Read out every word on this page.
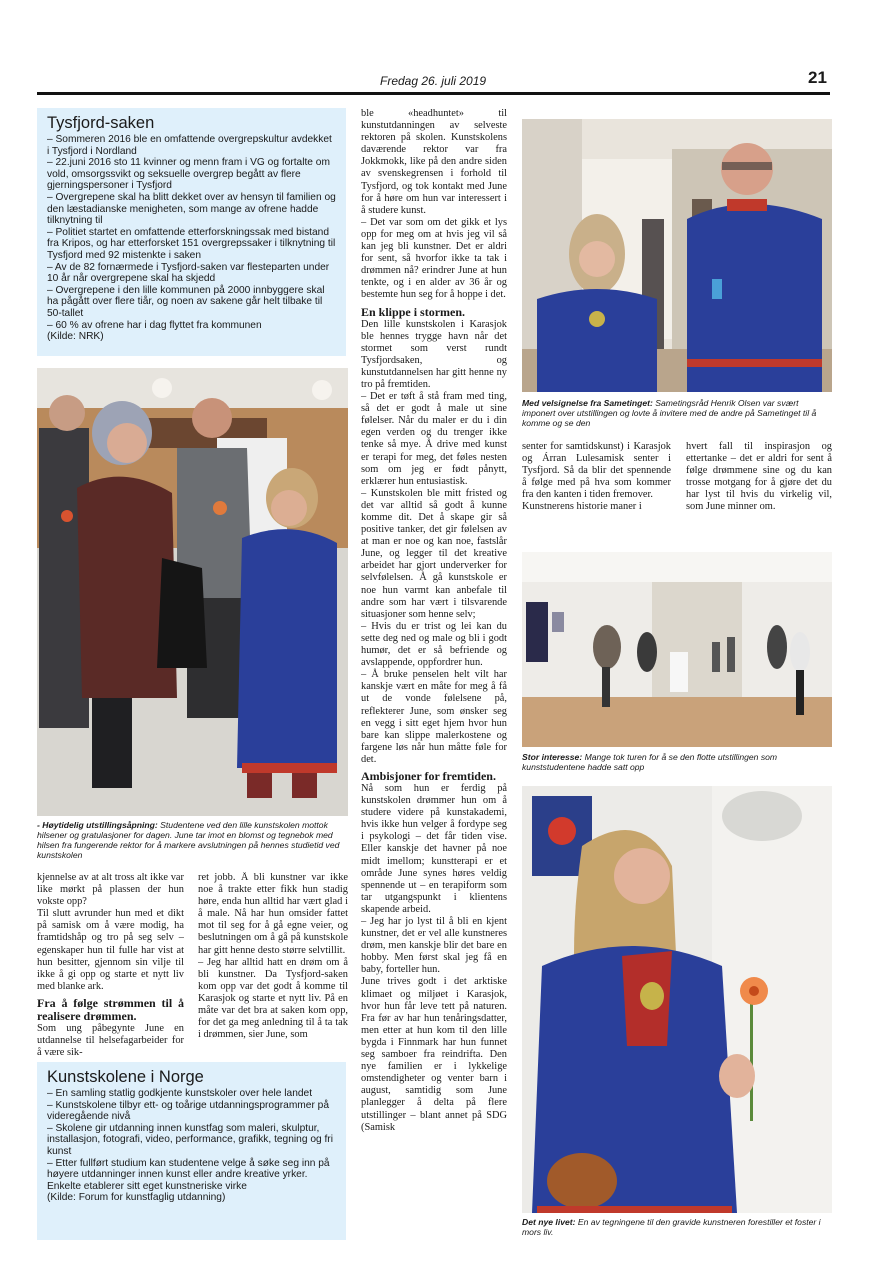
Fredag 26. juli 2019	21
Tysfjord-saken

– Sommeren 2016 ble en omfattende overgrepskultur avdekket i Tysfjord i Nordland

– 22.juni 2016 sto 11 kvinner og menn fram i VG og fortalte om vold, omsorgssvikt og seksuelle overgrep begått av flere gjerningspersoner i Tysfjord

– Overgrepene skal ha blitt dekket over av hensyn til familien og den læstadianske menigheten, som mange av ofrene hadde tilknytning til

– Politiet startet en omfattende etterforskningssak med bistand fra Kripos, og har etterforsket 151 overgrepssaker i tilknytning til Tysfjord med 92 mistenkte i saken

– Av de 82 fornærmede i Tysfjord-saken var flesteparten under 10 år når overgrepene skal ha skjedd

– Overgrepene i den lille kommunen på 2000 innbyggere skal ha pågått over flere tiår, og noen av sakene går helt tilbake til 50-tallet

– 60 % av ofrene har i dag flyttet fra kommunen

(Kilde: NRK)

- Høytidelig utstillingsåpning: Studentene ved den lille kunstskolen mottok hilsener og gratulasjoner for dagen. June tar imot en blomst og tegnebok med hilsen fra fungerende rektor for å markere avslutningen på hennes studietid ved kunstskolen

kjennelse av at alt tross alt ikke var like mørkt på plassen der hun vokste opp?

Til slutt avrunder hun med et dikt på samisk om å være modig, ha framtidshåp og tro på seg selv – egenskaper hun til fulle har vist at hun besitter, gjennom sin vilje til ikke å gi opp og starte et nytt liv med blanke ark.

Fra å følge strømmen til å realisere drømmen.

Som ung påbegynte June en utdannelse til helsefagarbeider for å være sik-

ret jobb. Å bli kunstner var ikke noe å trakte etter fikk hun stadig høre, enda hun alltid har vært glad i å male. Nå har hun omsider fattet mot til seg for å gå egne veier, og beslutningen om å gå på kunstskole har gitt henne desto større selvtillit.

– Jeg har alltid hatt en drøm om å bli kunstner. Da Tysfjord-saken kom opp var det godt å komme til Karasjok og starte et nytt liv. På en måte var det bra at saken kom opp, for det ga meg anledning til å ta tak i drømmen, sier June, som

Kunstskolene i Norge

– En samling statlig godkjente kunstskoler over hele landet

– Kunstskolene tilbyr ett- og toårige utdanningsprogrammer på videregående nivå

– Skolene gir utdanning innen kunstfag som maleri, skulptur, installasjon, fotografi, video, performance, grafikk, tegning og fri kunst

– Etter fullført studium kan studentene velge å søke seg inn på høyere utdanninger innen kunst eller andre kreative yrker. Enkelte etablerer sitt eget kunstneriske virke

(Kilde: Forum for kunstfaglig utdanning)

ble «headhuntet» til kunstutdanningen av selveste rektoren på skolen. Kunstskolens daværende rektor var fra Jokkmokk, like på den andre siden av svenskegrensen i forhold til Tysfjord, og tok kontakt med June for å høre om hun var interessert i å studere kunst.

– Det var som om det gikk et lys opp for meg om at hvis jeg vil så kan jeg bli kunstner. Det er aldri for sent, så hvorfor ikke ta tak i drømmen nå? erindrer June at hun tenkte, og i en alder av 36 år og bestemte hun seg for å hoppe i det.

En klippe i stormen.

Den lille kunstskolen i Karasjok ble hennes trygge havn når det stormet som verst rundt Tysfjordsaken, og kunstutdannelsen har gitt henne ny tro på fremtiden.

– Det er tøft å stå fram med ting, så det er godt å male ut sine følelser. Når du maler er du i din egen verden og du trenger ikke tenke så mye. Å drive med kunst er terapi for meg, det føles nesten som om jeg er født pånytt, erklærer hun entusiastisk.

– Kunstskolen ble mitt fristed og det var alltid så godt å kunne komme dit. Det å skape gir så positive tanker, det gir følelsen av at man er noe og kan noe, fastslår June, og legger til det kreative arbeidet har gjort underverker for selvfølelsen. Å gå kunstskole er noe hun varmt kan anbefale til andre som har vært i tilsvarende situasjoner som henne selv;

– Hvis du er trist og lei kan du sette deg ned og male og bli i godt humør, det er så befriende og avslappende, oppfordrer hun.

– Å bruke penselen helt vilt har kanskje vært en måte for meg å få ut de vonde følelsene på, reflekterer June, som ønsker seg en vegg i sitt eget hjem hvor hun bare kan slippe malerkostene og fargene løs når hun måtte føle for det.

Ambisjoner for fremtiden.

Nå som hun er ferdig på kunstskolen drømmer hun om å studere videre på kunstakademi, hvis ikke hun velger å fordype seg i psykologi – det får tiden vise. Eller kanskje det havner på noe midt imellom; kunstterapi er et område June synes høres veldig spennende ut – en terapiform som tar utgangspunkt i klientens skapende arbeid.

– Jeg har jo lyst til å bli en kjent kunstner, det er vel alle kunstneres drøm, men kanskje blir det bare en hobby. Men først skal jeg få en baby, forteller hun.

June trives godt i det arktiske klimaet og miljøet i Karasjok, hvor hun får leve tett på naturen. Fra før av har hun tenåringsdatter, men etter at hun kom til den lille bygda i Finnmark har hun funnet seg samboer fra reindrifta. Den nye familien er i lykkelige omstendigheter og venter barn i august, samtidig som June planlegger å delta på flere utstillinger – blant annet på SDG (Samisk

Med velsignelse fra Sametinget: Sametingsråd Henrik Olsen var svært imponert over utstillingen og lovte å invitere med de andre på Sametinget til å komme og se den

senter for samtidskunst) i Karasjok og Árran Lulesamisk senter i Tysfjord. Så da blir det spennende å følge med på hva som kommer fra den kanten i tiden fremover.

Kunstnerens historie maner i

hvert fall til inspirasjon og ettertanke – det er aldri for sent å følge drømmene sine og du kan trosse motgang for å gjøre det du har lyst til hvis du virkelig vil, som June minner om.

Stor interesse: Mange tok turen for å se den flotte utstillingen som kunststudentene hadde satt opp
Det nye livet: En av tegningene til den gravide kunstneren forestiller et foster i mors liv.
